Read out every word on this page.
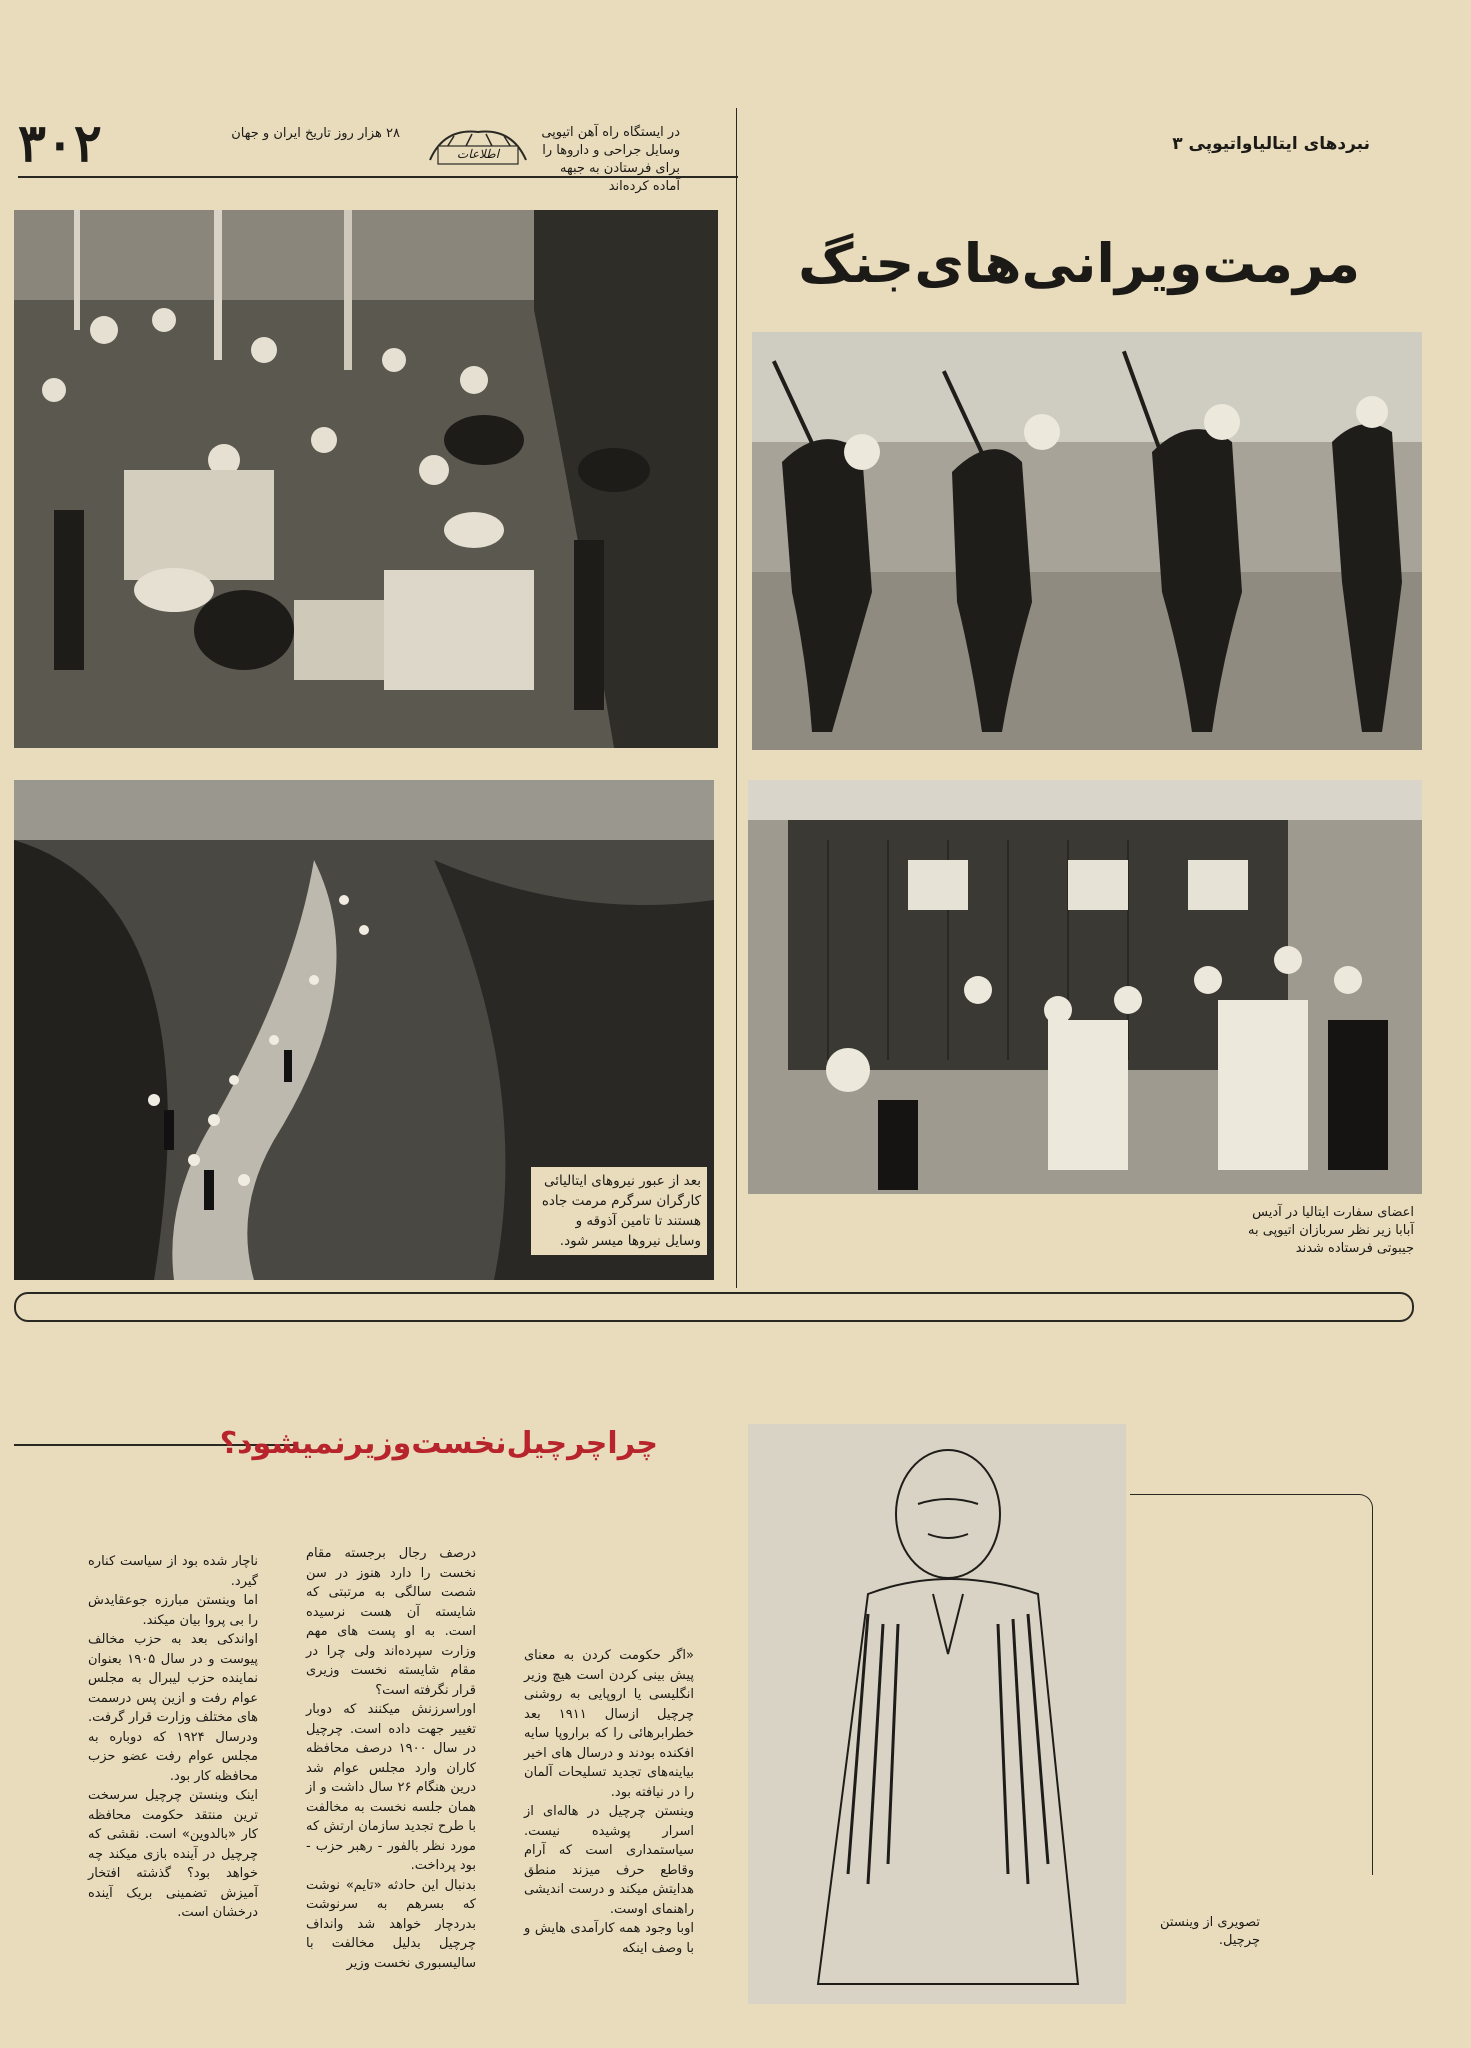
۳۰۲	۲۸ هزار روز تاریخ ایران و جهان
اطلاعات
در ایستگاه راه آهن اتیوپی وسایل جراحی و داروها را برای فرستادن به جبهه آماده کرده‌اند
نبردهای ایتالیاواتیوپی ۳
مرمت‌ویرانی‌های‌جنگ
بعد از عبور نیروهای ایتالیائی کارگران سرگرم مرمت جاده هستند تا تامین آذوقه و وسایل نیروها میسر شود.
اعضای سفارت ایتالیا در آدیس آبابا زیر نظر سربازان اتیوپی به جیبوتی فرستاده شدند
چراچرچیل‌نخست‌وزیر‌نمیشود؟
«اگر حکومت کردن به معنای پیش بینی کردن است هیچ وزیر انگلیسی یا اروپایی به روشنی چرچیل ازسال ۱۹۱۱ بعد خطرابرهائی را که براروپا سایه افکنده بودند و درسال های اخیر بیاینه‌های تجدید تسلیحات آلمان را در نیافته بود.
وینستن چرچیل در هاله‌ای از اسرار پوشیده نیست. سیاستمداری است که آرام وقاطع حرف میزند منطق هدایتش میکند و درست اندیشی راهنمای اوست.
اوبا وجود همه کارآمدی هایش و با وصف اینکه
درصف رجال برجسته مقام نخست را دارد هنوز در سن شصت سالگی به مرتبتی که شایسته آن هست نرسیده است. به او پست های مهم وزارت سپرده‌اند ولی چرا در مقام شایسته نخست وزیری قرار نگرفته است؟
اوراسرزنش میکنند که دوبار تغییر جهت داده است. چرچیل در سال ۱۹۰۰ درصف محافظه کاران وارد مجلس عوام شد درین هنگام ۲۶ سال داشت و از همان جلسه نخست به مخالفت با طرح تجدید سازمان ارتش که مورد نظر بالفور - رهبر حزب - بود پرداخت.
بدنبال این حادثه «تایم» نوشت که بسرهم به سرنوشت بدردچار خواهد شد وانداف چرچیل بدلیل مخالفت با سالیسبوری نخست وزیر
ناچار شده بود از سیاست کناره گیرد.
اما وینستن مبارزه جوعقایدش را بی پروا بیان میکند.
اواندکی بعد به حزب مخالف پیوست و در سال ۱۹۰۵ بعنوان نماینده حزب لیبرال به مجلس عوام رفت و ازین پس درسمت های مختلف وزارت قرار گرفت. ودرسال ۱۹۲۴ که دوباره به مجلس عوام رفت عضو حزب محافظه کار بود.
اینک وینستن چرچیل سرسخت ترین منتقد حکومت محافظه کار «بالدوین» است. نقشی که چرچیل در آینده بازی میکند چه خواهد بود؟ گذشته افتخار آمیزش تضمینی بریک آینده درخشان است.
تصویری از وینستن چرچیل.
